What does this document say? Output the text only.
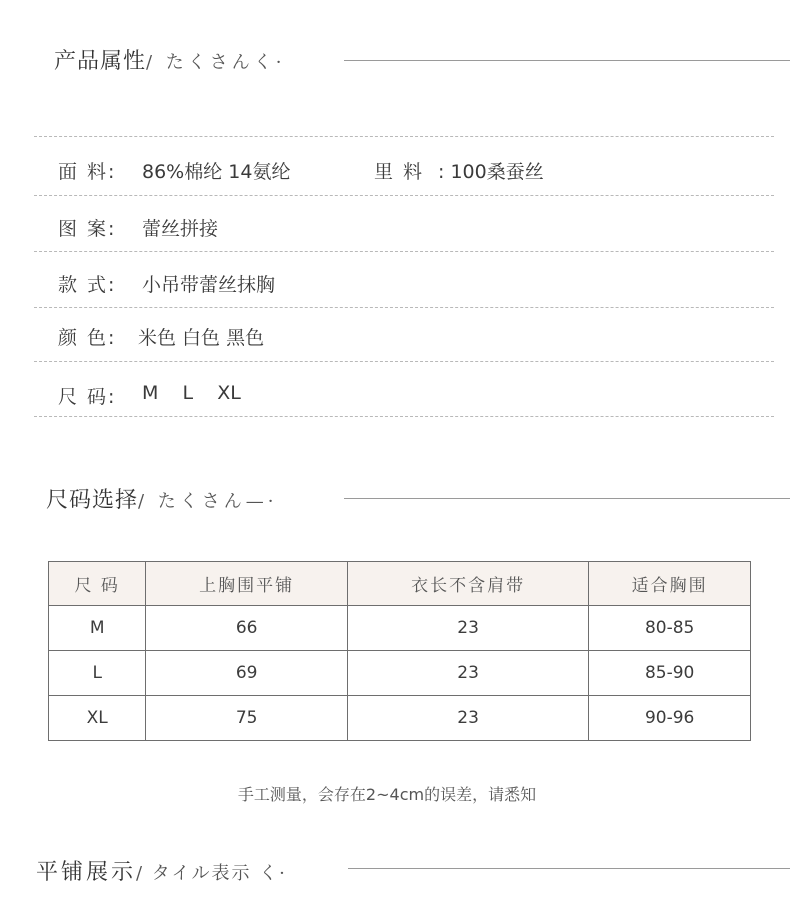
产品属性/ たくさんく·
面 料: 86%棉纶 14氨纶	里 料 : 100桑蚕丝
图 案: 蕾丝拼接
款 式: 小吊带蕾丝抹胸
颜 色: 米色 白色 黑色
尺 码: M    L    XL
尺码选择/ たくさん—·
尺 码	上胸围平铺	衣长不含肩带	适合胸围
M	66	23	80-85
L	69	23	85-90
XL	75	23	90-96
手工测量，会存在2~4cm的误差，请悉知
平铺展示/ タイル表示 く·
